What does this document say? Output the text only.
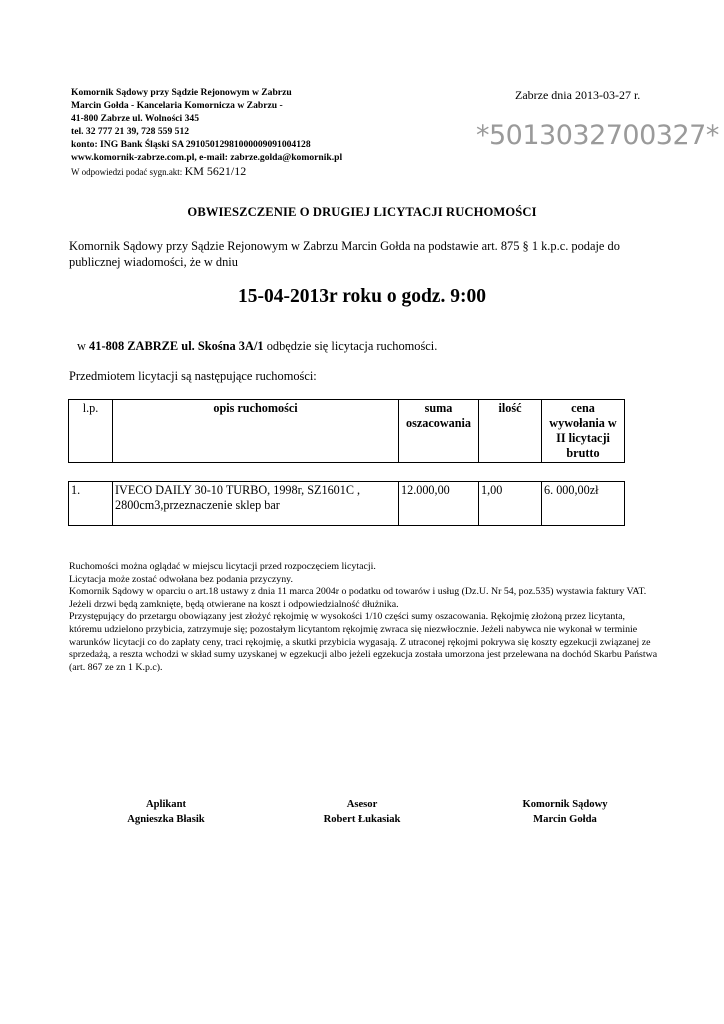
Komornik Sądowy przy Sądzie Rejonowym w Zabrzu
Marcin Gołda - Kancelaria Komornicza w Zabrzu -
41-800 Zabrze ul. Wolności 345
tel. 32 777 21 39, 728 559 512
konto: ING Bank Śląski SA 29105012981000009091004128
www.komornik-zabrze.com.pl, e-mail: zabrze.golda@komornik.pl
W odpowiedzi podać sygn.akt: KM 5621/12
Zabrze dnia 2013-03-27 r.
*5013032700327*
OBWIESZCZENIE O DRUGIEJ LICYTACJI RUCHOMOŚCI
Komornik Sądowy przy Sądzie Rejonowym w Zabrzu Marcin Gołda na podstawie art. 875 § 1 k.p.c. podaje do publicznej wiadomości, że w dniu
15-04-2013r roku o godz. 9:00
w 41-808 ZABRZE ul. Skośna 3A/1 odbędzie się licytacja ruchomości.
Przedmiotem licytacji są następujące ruchomości:
l.p.	opis ruchomości	suma oszacowania	ilość	cena wywołania w II licytacji brutto
1.	IVECO DAILY 30-10 TURBO, 1998r, SZ1601C , 2800cm3,przeznaczenie sklep bar	12.000,00	1,00	6. 000,00zł

Ruchomości można oglądać w miejscu licytacji przed rozpoczęciem licytacji.

Licytacja może zostać odwołana bez podania przyczyny.

Komornik Sądowy w oparciu o art.18 ustawy z dnia 11 marca 2004r o podatku od towarów i usług (Dz.U. Nr 54, poz.535) wystawia faktury VAT.

Jeżeli drzwi będą zamknięte, będą otwierane na koszt i odpowiedzialność dłużnika.

Przystępujący do przetargu obowiązany jest złożyć rękojmię w wysokości 1/10 części sumy oszacowania. Rękojmię złożoną przez licytanta, któremu udzielono przybicia, zatrzymuje się; pozostałym licytantom rękojmię zwraca się niezwłocznie. Jeżeli nabywca nie wykonał w terminie warunków licytacji co do zapłaty ceny, traci rękojmię, a skutki przybicia wygasają. Z utraconej rękojmi pokrywa się koszty egzekucji związanej ze sprzedażą, a reszta wchodzi w skład sumy uzyskanej w egzekucji albo jeżeli egzekucja została umorzona jest przelewana na dochód Skarbu Państwa (art. 867 ze zn 1 K.p.c).

Aplikant
Agnieszka Błasik
Asesor
Robert Łukasiak
Komornik Sądowy
Marcin Gołda
